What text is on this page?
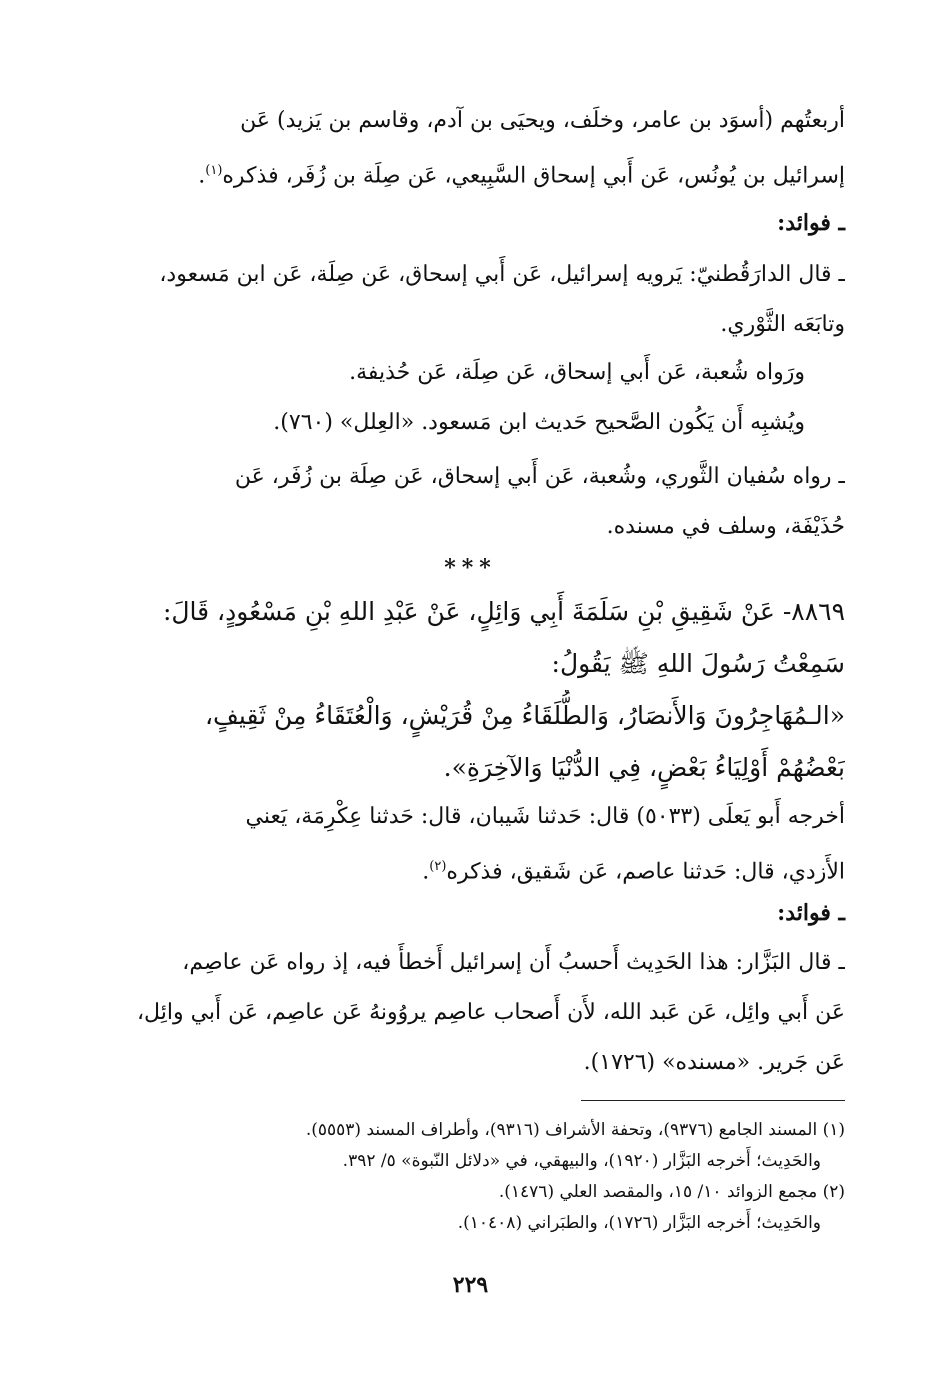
أربعتُهم (أسوَد بن عامر، وخلَف، ويحيَى بن آدم، وقاسم بن يَزيد) عَن
إسرائيل بن يُونُس، عَن أَبي إسحاق السَّبِيعي، عَن صِلَة بن زُفَر، فذكره$^{(١)}$.
ـ فوائد:
ـ قال الدارَقُطنيّ: يَرويه إسرائيل، عَن أَبي إسحاق، عَن صِلَة، عَن ابن مَسعود،
وتابَعَه الثَّوْري.
ورَواه شُعبة، عَن أَبي إسحاق، عَن صِلَة، عَن حُذيفة.
ويُشبِه أَن يَكُون الصَّحيح حَديث ابن مَسعود. «العِلل» (٧٦٠).
ـ رواه سُفيان الثَّوري، وشُعبة، عَن أَبي إسحاق، عَن صِلَة بن زُفَر، عَن
حُذَيْفَة، وسلف في مسنده.
***
٨٨٦٩- عَنْ شَقِيقِ بْنِ سَلَمَةَ أَبِي وَائِلٍ، عَنْ عَبْدِ اللهِ بْنِ مَسْعُودٍ، قَالَ:
سَمِعْتُ رَسُولَ اللهِ ﷺ يَقُولُ:
«الـمُهَاجِرُونَ وَالأَنصَارُ، وَالطُّلَقَاءُ مِنْ قُرَيْشٍ، وَالْعُتَقَاءُ مِنْ ثَقِيفٍ،
بَعْضُهُمْ أَوْلِيَاءُ بَعْضٍ، فِي الدُّنْيَا وَالآخِرَةِ».
أخرجه أَبو يَعلَى (٥٠٣٣) قال: حَدثنا شَيبان، قال: حَدثنا عِكْرِمَة، يَعني
الأَزدي، قال: حَدثنا عاصم، عَن شَقيق، فذكره$^{(٢)}$.
ـ فوائد:
ـ قال البَزَّار: هذا الحَدِيث أَحسبُ أَن إسرائيل أَخطأَ فيه، إذ رواه عَن عاصِم،
عَن أَبي وائِل، عَن عَبد الله، لأَن أَصحاب عاصِم يروُونهُ عَن عاصِم، عَن أَبي وائِل،
عَن جَرير. «مسنده» (١٧٢٦).
(١) المسند الجامع (٩٣٧٦)، وتحفة الأشراف (٩٣١٦)، وأطراف المسند (٥٥٥٣).
والحَدِيث؛ أَخرجه البَزَّار (١٩٢٠)، والبيهقي، في «دلائل النّبوة» ٥/ ٣٩٢.
(٢) مجمع الزوائد ١٠/ ١٥، والمقصد العلي (١٤٧٦).
والحَدِيث؛ أَخرجه البَزَّار (١٧٢٦)، والطبَراني (١٠٤٠٨).
٢٢٩
